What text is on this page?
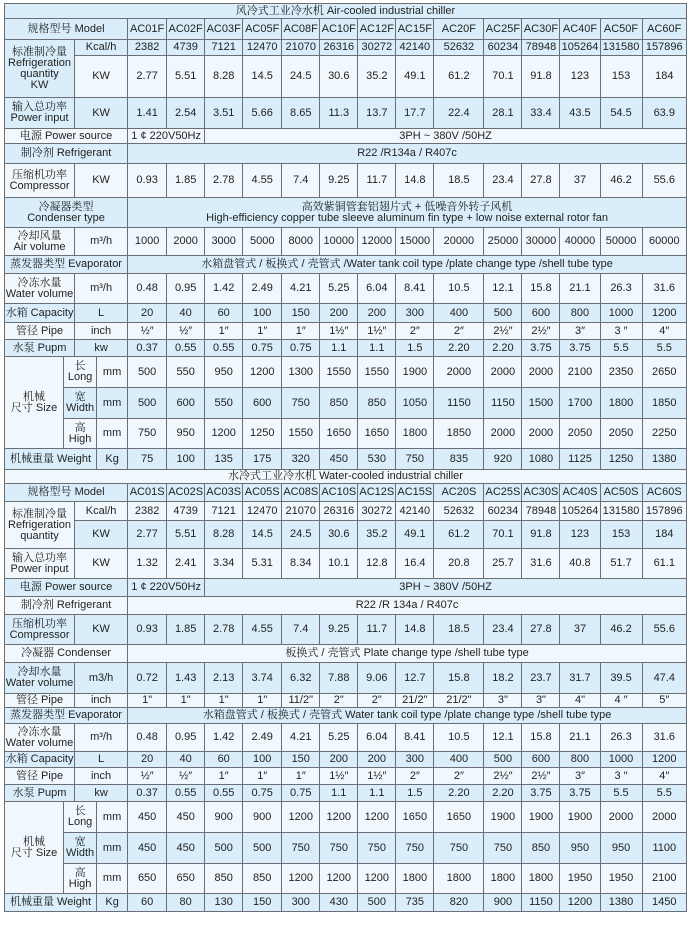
风冷式工业冷水机 Air-cooled industrial chiller																	
规格型号 Model				AC01F	AC02F	AC03F	AC05F	AC08F	AC10F	AC12F	AC15F	AC20F	AC25F	AC30F	AC40F	AC50F	AC60F

标准制冷量
Refrigeration
quantity
KW		Kcal/h		2382	4739	7121	12470	21070	26316	30272	42140	52632	60234	78948	105264	131580	157896
		KW		2.77	5.51	8.28	14.5	24.5	30.6	35.2	49.1	61.2	70.1	91.8	123	153	184

输入总功率
Power input		KW		1.41	2.54	3.51	5.66	8.65	11.3	13.7	17.7	22.4	28.1	33.4	43.5	54.5	63.9
电源 Power source				1 ¢ 220V50Hz		3PH ~ 380V /50HZ											

制冷剂 Refrigerant				R22 /R134a / R407c													

压缩机功率
Compressor		KW		0.93	1.85	2.78	4.55	7.4	9.25	11.7	14.8	18.5	23.4	27.8	37	46.2	55.6

冷凝器类型
Condenser type				高效紫铜管套铝翅片式 + 低噪音外转子风机
High-efficiency copper tube sleeve aluminum fin type + low noise external rotor fan													

冷却风量
Air volume		m³/h		1000	2000	3000	5000	8000	10000	12000	15000	20000	25000	30000	40000	50000	60000

蒸发器类型 Evaporator				水箱盘管式 / 板换式 / 壳管式 /Water tank coil type /plate change type /shell tube type													

冷冻水量
Water volume		m³/h		0.48	0.95	1.42	2.49	4.21	5.25	6.04	8.41	10.5	12.1	15.8	21.1	26.3	31.6

水箱 Capacity		L		20	40	60	100	150	200	200	300	400	500	600	800	1000	1200

管径 Pipe		inch		½″	½″	1″	1″	1″	1½″	1½″	2″	2″	2½″	2½″	3″	3 ″	4″

水泵 Pupm		kw		0.37	0.55	0.55	0.75	0.75	1.1	1.1	1.5	2.20	2.20	3.75	3.75	5.5	5.5

机械
尺寸 Size	长
Long		mm	500	550	950	1200	1300	1550	1550	1900	2000	2000	2000	2100	2350	2650

	宽
Width		mm	500	600	550	600	750	850	850	1050	1150	1150	1500	1700	1800	1850

	高
High		mm	750	950	1200	1250	1550	1650	1650	1800	1850	2000	2000	2050	2050	2250
机械重量 Weight			Kg	75	100	135	175	320	450	530	750	835	920	1080	1125	1250	1380
水冷式工业冷水机 Water-cooled industrial chiller																	
规格型号 Model				AC01S	AC02S	AC03S	AC05S	AC08S	AC10S	AC12S	AC15S	AC20S	AC25S	AC30S	AC40S	AC50S	AC60S

标准制冷量
Refrigeration
quantity		Kcal/h		2382	4739	7121	12470	21070	26316	30272	42140	52632	60234	78948	105264	131580	157896
		KW		2.77	5.51	8.28	14.5	24.5	30.6	35.2	49.1	61.2	70.1	91.8	123	153	184

输入总功率
Power input		KW		1.32	2.41	3.34	5.31	8.34	10.1	12.8	16.4	20.8	25.7	31.6	40.8	51.7	61.1
电源 Power source				1 ¢ 220V50Hz		3PH ~ 380V /50HZ											

制冷剂 Refrigerant				R22 /R 134a / R407c													

压缩机功率
Compressor		KW		0.93	1.85	2.78	4.55	7.4	9.25	11.7	14.8	18.5	23.4	27.8	37	46.2	55.6

冷凝器 Condenser				板换式 / 壳管式 Plate change type /shell tube type													

冷却水量
Water volume		m3/h		0.72	1.43	2.13	3.74	6.32	7.88	9.06	12.7	15.8	18.2	23.7	31.7	39.5	47.4

管径 Pipe		inch		1"	1"	1"	1"	11/2"	2"	2"	21/2"	21/2"	3"	3"	4"	4 ″	5″

蒸发器类型 Evaporator				水箱盘管式 / 板换式 / 壳管式 Water tank coil type /plate change type /shell tube type													

冷冻水量
Water volume		m³/h		0.48	0.95	1.42	2.49	4.21	5.25	6.04	8.41	10.5	12.1	15.8	21.1	26.3	31.6

水箱 Capacity		L		20	40	60	100	150	200	200	300	400	500	600	800	1000	1200

管径 Pipe		inch		½″	½″	1″	1″	1″	1½″	1½″	2″	2″	2½″	2½″	3″	3 ″	4″

水泵 Pupm		kw		0.37	0.55	0.55	0.75	0.75	1.1	1.1	1.5	2.20	2.20	3.75	3.75	5.5	5.5

机械
尺寸 Size	长
Long		mm	450	450	900	900	1200	1200	1200	1650	1650	1900	1900	1900	2000	2000

	宽
Width		mm	450	450	500	500	750	750	750	750	750	750	850	950	950	1100

	高
High		mm	650	650	850	850	1200	1200	1200	1800	1800	1800	1800	1950	1950	2100
机械重量 Weight			Kg	60	80	130	150	300	430	500	735	820	900	1150	1200	1380	1450
